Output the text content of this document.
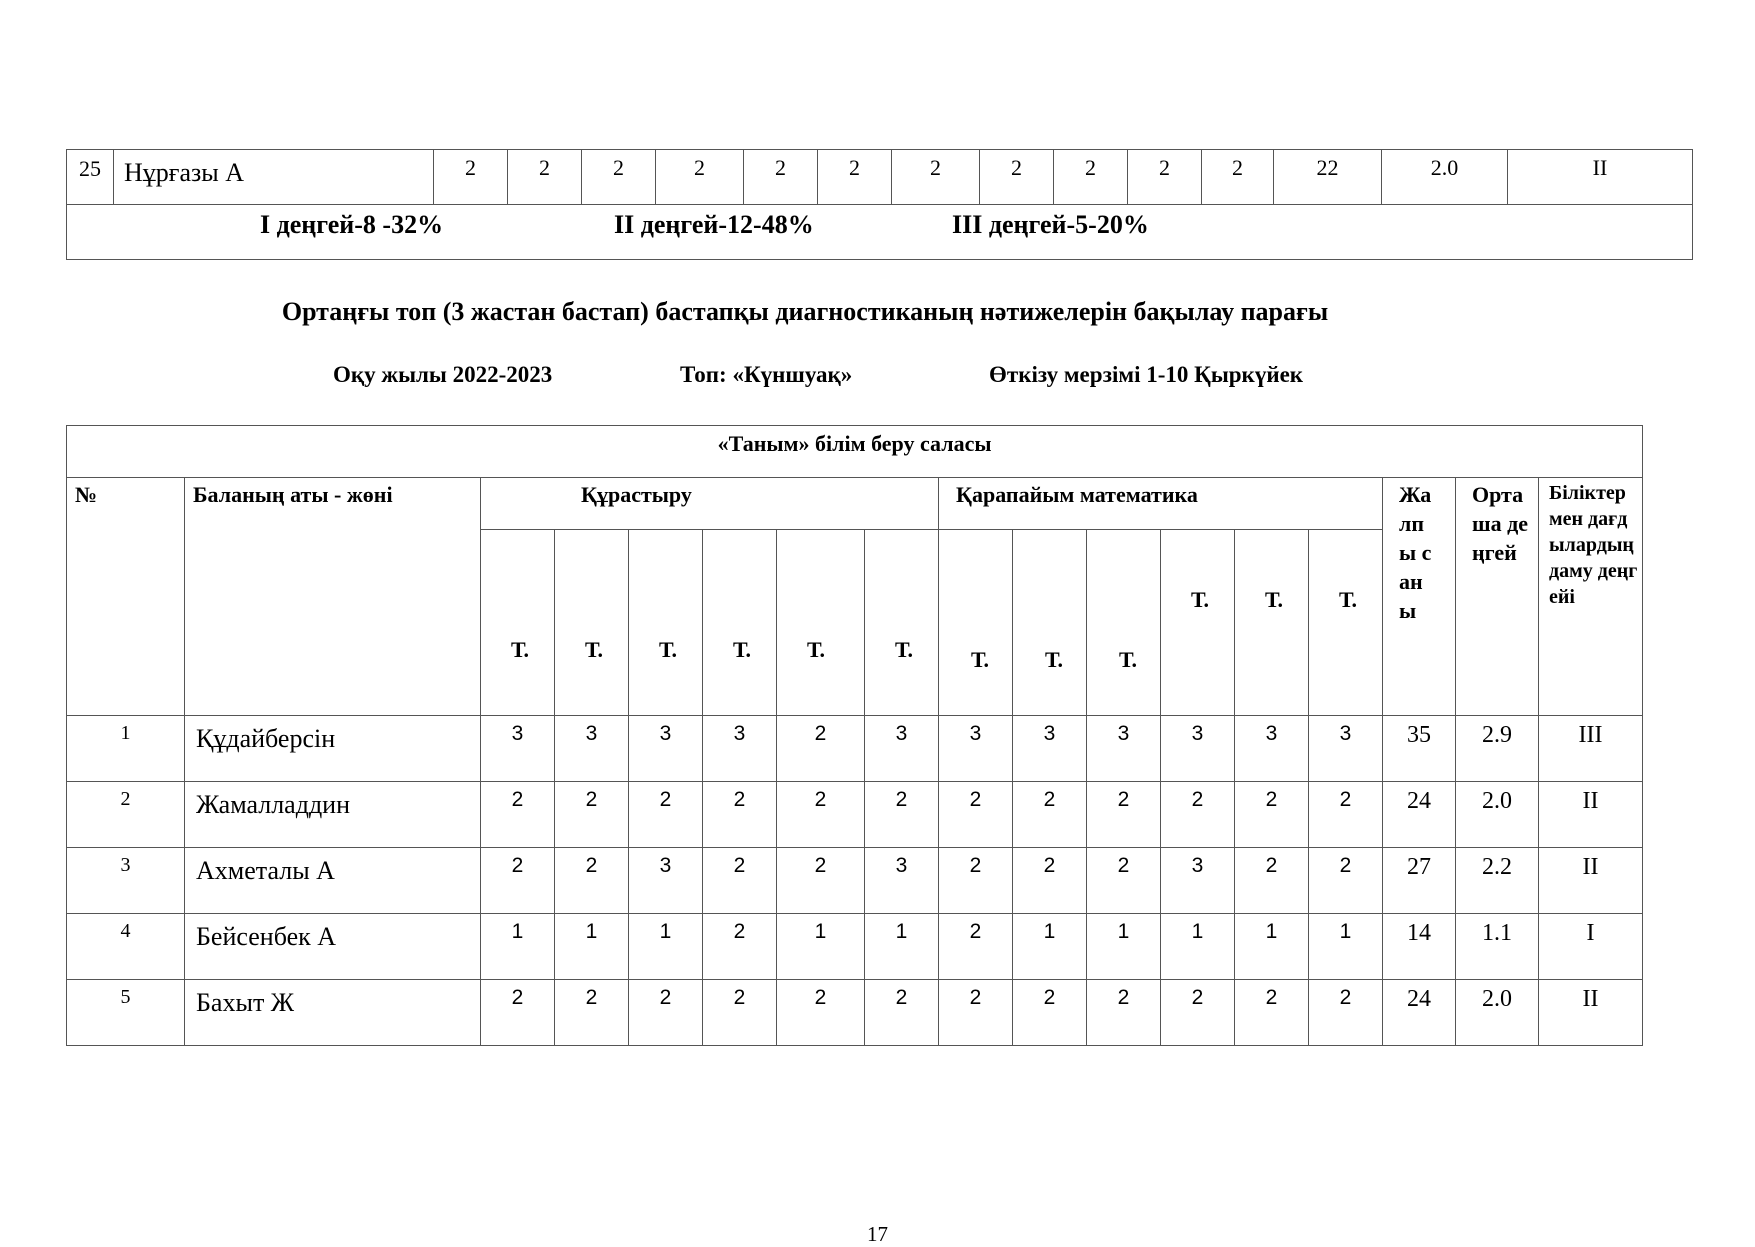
25	Нұрғазы А	2	2	2	2	2	2	2	2	2	2	2	22	2.0	II

І деңгей-8 -32%	ІІ деңгей-12-48%	ІІІ деңгей-5-20%
Ортаңғы топ (3 жастан бастап) бастапқы диагностиканың нәтижелерін бақылау парағы
Оқу жылы 2022-2023	Топ: «Күншуақ»	Өткізу мерзімі 1-10 Қыркүйек
«Таным» білім беру саласы																
№	Баланың аты - жөні	Құрастыру						Қарапайым математика						Жалпы саны	Орташа деңгей	Біліктер мен дағдылардың даму деңгейі

		Т.	Т.	Т.	Т.	Т.	Т.	Т.	Т.	Т.	Т.	Т.	Т.			

1	Құдайберсін	3	3	3	3	2	3	3	3	3	3	3	3	35	2.9	III
2	Жамалладдин	2	2	2	2	2	2	2	2	2	2	2	2	24	2.0	II
3	Ахметалы А	2	2	3	2	2	3	2	2	2	3	2	2	27	2.2	II
4	Бейсенбек А	1	1	1	2	1	1	2	1	1	1	1	1	14	1.1	I
5	Бахыт Ж	2	2	2	2	2	2	2	2	2	2	2	2	24	2.0	II
17
